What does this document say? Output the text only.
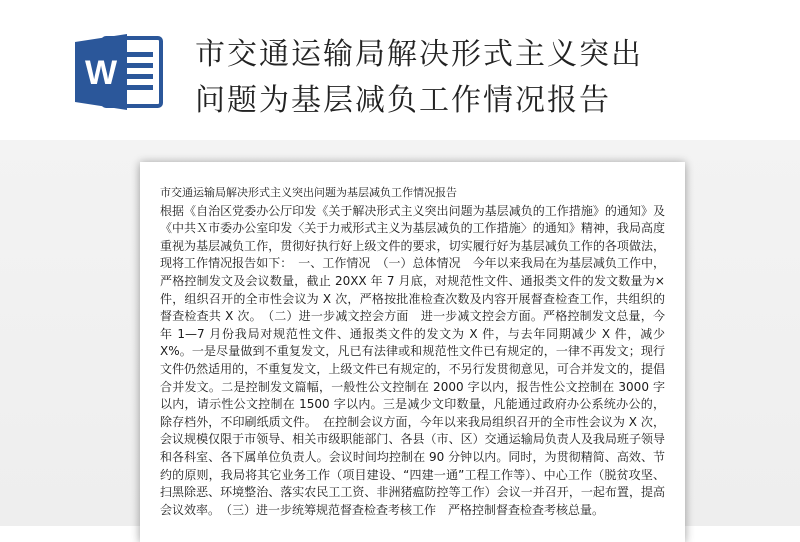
W	市交通运输局解决形式主义突出
问题为基层减负工作情况报告

市交通运输局解决形式主义突出问题为基层减负工作情况报告

根据《自治区党委办公厅印发《关于解决形式主义突出问题为基层减负的工作措施》的通知》及《中共Ｘ市委办公室印发〈关于力戒形式主义为基层减负的工作措施〉的通知》精神，我局高度重视为基层减负工作，贯彻好执行好上级文件的要求，切实履行好为基层减负工作的各项做法，现将工作情况报告如下：　一、工作情况　（一）总体情况　今年以来我局在为基层减负工作中，严格控制发文及会议数量，截止 20XX 年 7 月底，对规范性文件、通报类文件的发文数量为×件，组织召开的全市性会议为 X 次，严格按批准检查次数及内容开展督查检查工作，共组织的督查检查共 X 次。　（二）进一步减文控会方面　进一步减文控会方面。严格控制发文总量，今年 1—7 月份我局对规范性文件、通报类文件的发文为 X 件，与去年同期减少 X 件，减少 X%。一是尽量做到不重复发文，凡已有法律或和规范性文件已有规定的，一律不再发文；现行文件仍然适用的，不重复发文，上级文件已有规定的，不另行发贯彻意见，可合并发文的，提倡合并发文。二是控制发文篇幅，一般性公文控制在 2000 字以内，报告性公文控制在 3000 字以内，请示性公文控制在 1500 字以内。三是减少文印数量，凡能通过政府办公系统办公的，除存档外，不印刷纸质文件。　在控制会议方面，今年以来我局组织召开的全市性会议为 X 次，会议规模仅限于市领导、相关市级职能部门、各县（市、区）交通运输局负责人及我局班子领导和各科室、各下属单位负责人。会议时间均控制在 90 分钟以内。同时，为贯彻精简、高效、节约的原则，我局将其它业务工作（项目建设、“四建一通”工程工作等）、中心工作（脱贫攻坚、扫黑除恶、环境整治、落实农民工工资、非洲猪瘟防控等工作）会议一并召开，一起布置，提高会议效率。　（三）进一步统筹规范督查检查考核工作　严格控制督查检查考核总量。
